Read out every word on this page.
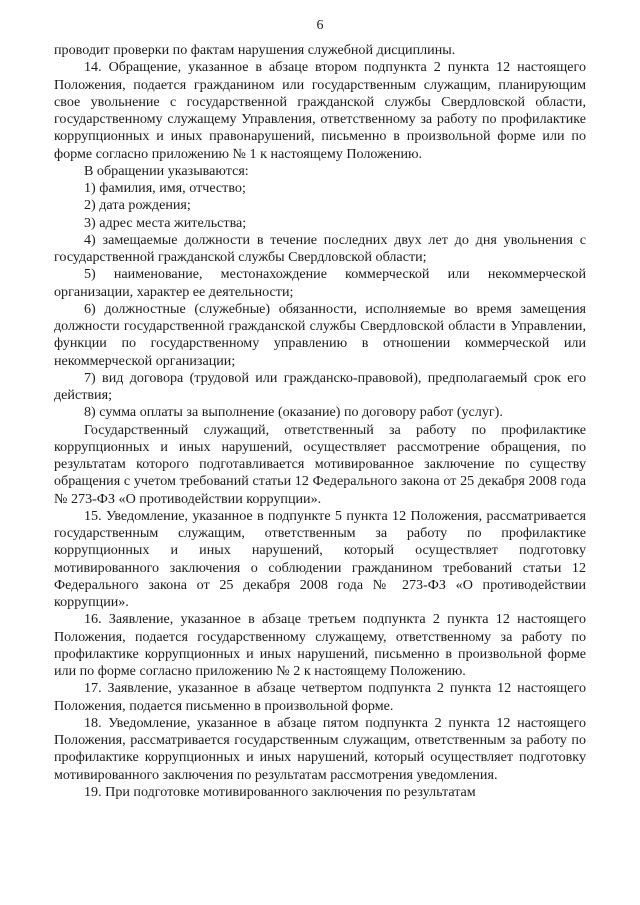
6

проводит проверки по фактам нарушения служебной дисциплины.

14. Обращение, указанное в абзаце втором подпункта 2 пункта 12 настоящего Положения, подается гражданином или государственным служащим, планирующим свое увольнение с государственной гражданской службы Свердловской области, государственному служащему Управления, ответственному за работу по профилактике коррупционных и иных правонарушений, письменно в произвольной форме или по форме согласно приложению № 1 к настоящему Положению.

В обращении указываются:

1) фамилия, имя, отчество;

2) дата рождения;

3) адрес места жительства;

4) замещаемые должности в течение последних двух лет до дня увольнения с государственной гражданской службы Свердловской области;

5) наименование, местонахождение коммерческой или некоммерческой организации, характер ее деятельности;

6) должностные (служебные) обязанности, исполняемые во время замещения должности государственной гражданской службы Свердловской области в Управлении, функции по государственному управлению в отношении коммерческой или некоммерческой организации;

7) вид договора (трудовой или гражданско-правовой), предполагаемый срок его действия;

8) сумма оплаты за выполнение (оказание) по договору работ (услуг).

Государственный служащий, ответственный за работу по профилактике коррупционных и иных нарушений, осуществляет рассмотрение обращения, по результатам которого подготавливается мотивированное заключение по существу обращения с учетом требований статьи 12 Федерального закона от 25 декабря 2008 года № 273-ФЗ «О противодействии коррупции».

15. Уведомление, указанное в подпункте 5 пункта 12 Положения, рассматривается государственным служащим, ответственным за работу по профилактике коррупционных и иных нарушений, который осуществляет подготовку мотивированного заключения о соблюдении гражданином требований статьи 12 Федерального закона от 25 декабря 2008 года № 273-ФЗ «О противодействии коррупции».

16. Заявление, указанное в абзаце третьем подпункта 2 пункта 12 настоящего Положения, подается государственному служащему, ответственному за работу по профилактике коррупционных и иных нарушений, письменно в произвольной форме или по форме согласно приложению № 2 к настоящему Положению.

17. Заявление, указанное в абзаце четвертом подпункта 2 пункта 12 настоящего Положения, подается письменно в произвольной форме.

18. Уведомление, указанное в абзаце пятом подпункта 2 пункта 12 настоящего Положения, рассматривается государственным служащим, ответственным за работу по профилактике коррупционных и иных нарушений, который осуществляет подготовку мотивированного заключения по результатам рассмотрения уведомления.

19. При подготовке мотивированного заключения по результатам
